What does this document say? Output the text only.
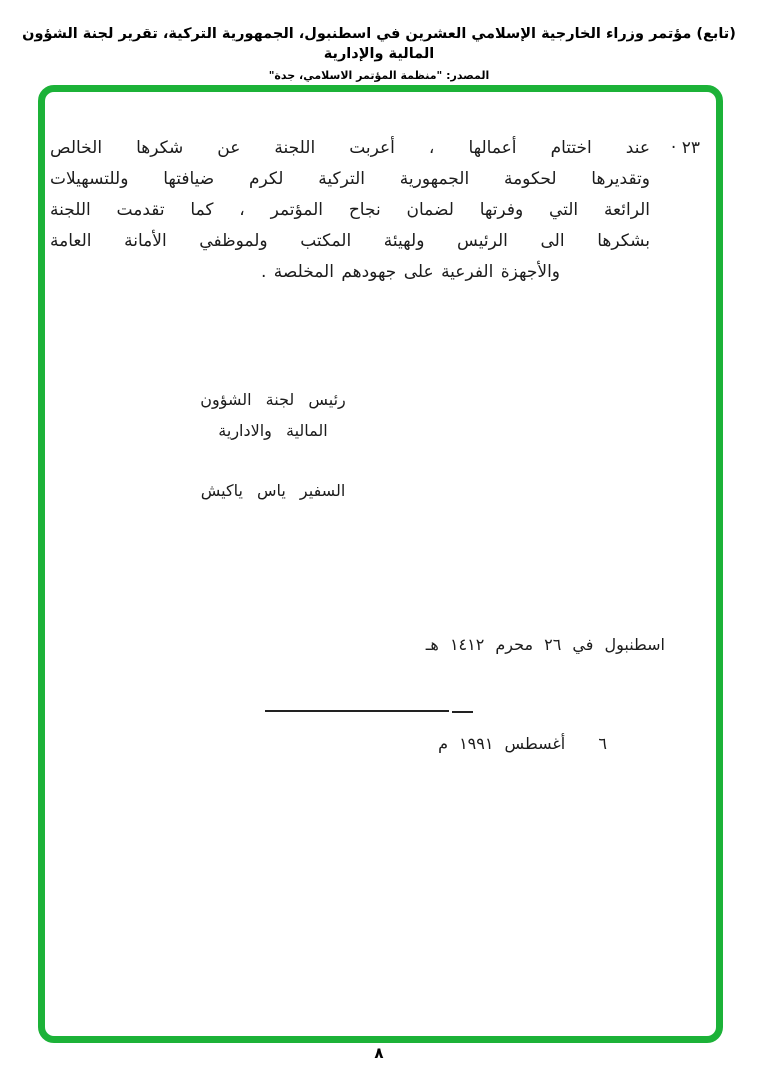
(تابع) مؤتمر وزراء الخارجية الإسلامي العشرين في اسطنبول، الجمهورية التركية، تقرير لجنة الشؤون المالية والإدارية
المصدر: "منظمة المؤتمر الاسلامي، جدة"
٢٣ ·
عند اختتام أعمالها ، أعربت اللجنة عن شكرها الخالص
وتقديرها لحكومة الجمهورية التركية لكرم ضيافتها وللتسهيلات
الرائعة التي وفرتها لضمان نجاح المؤتمر ، كما تقدمت اللجنة
بشكرها الى الرئيس ولهيئة المكتب ولموظفي الأمانة العامة
والأجهزة الفرعية على جهودهم المخلصة .
رئيس لجنة الشؤون
المالية والادارية
السفير ياس ياكيش

اسطنبول في ٢٦ محرم ١٤١٢ هـ

٦   أغسطس ١٩٩١ م

٨
